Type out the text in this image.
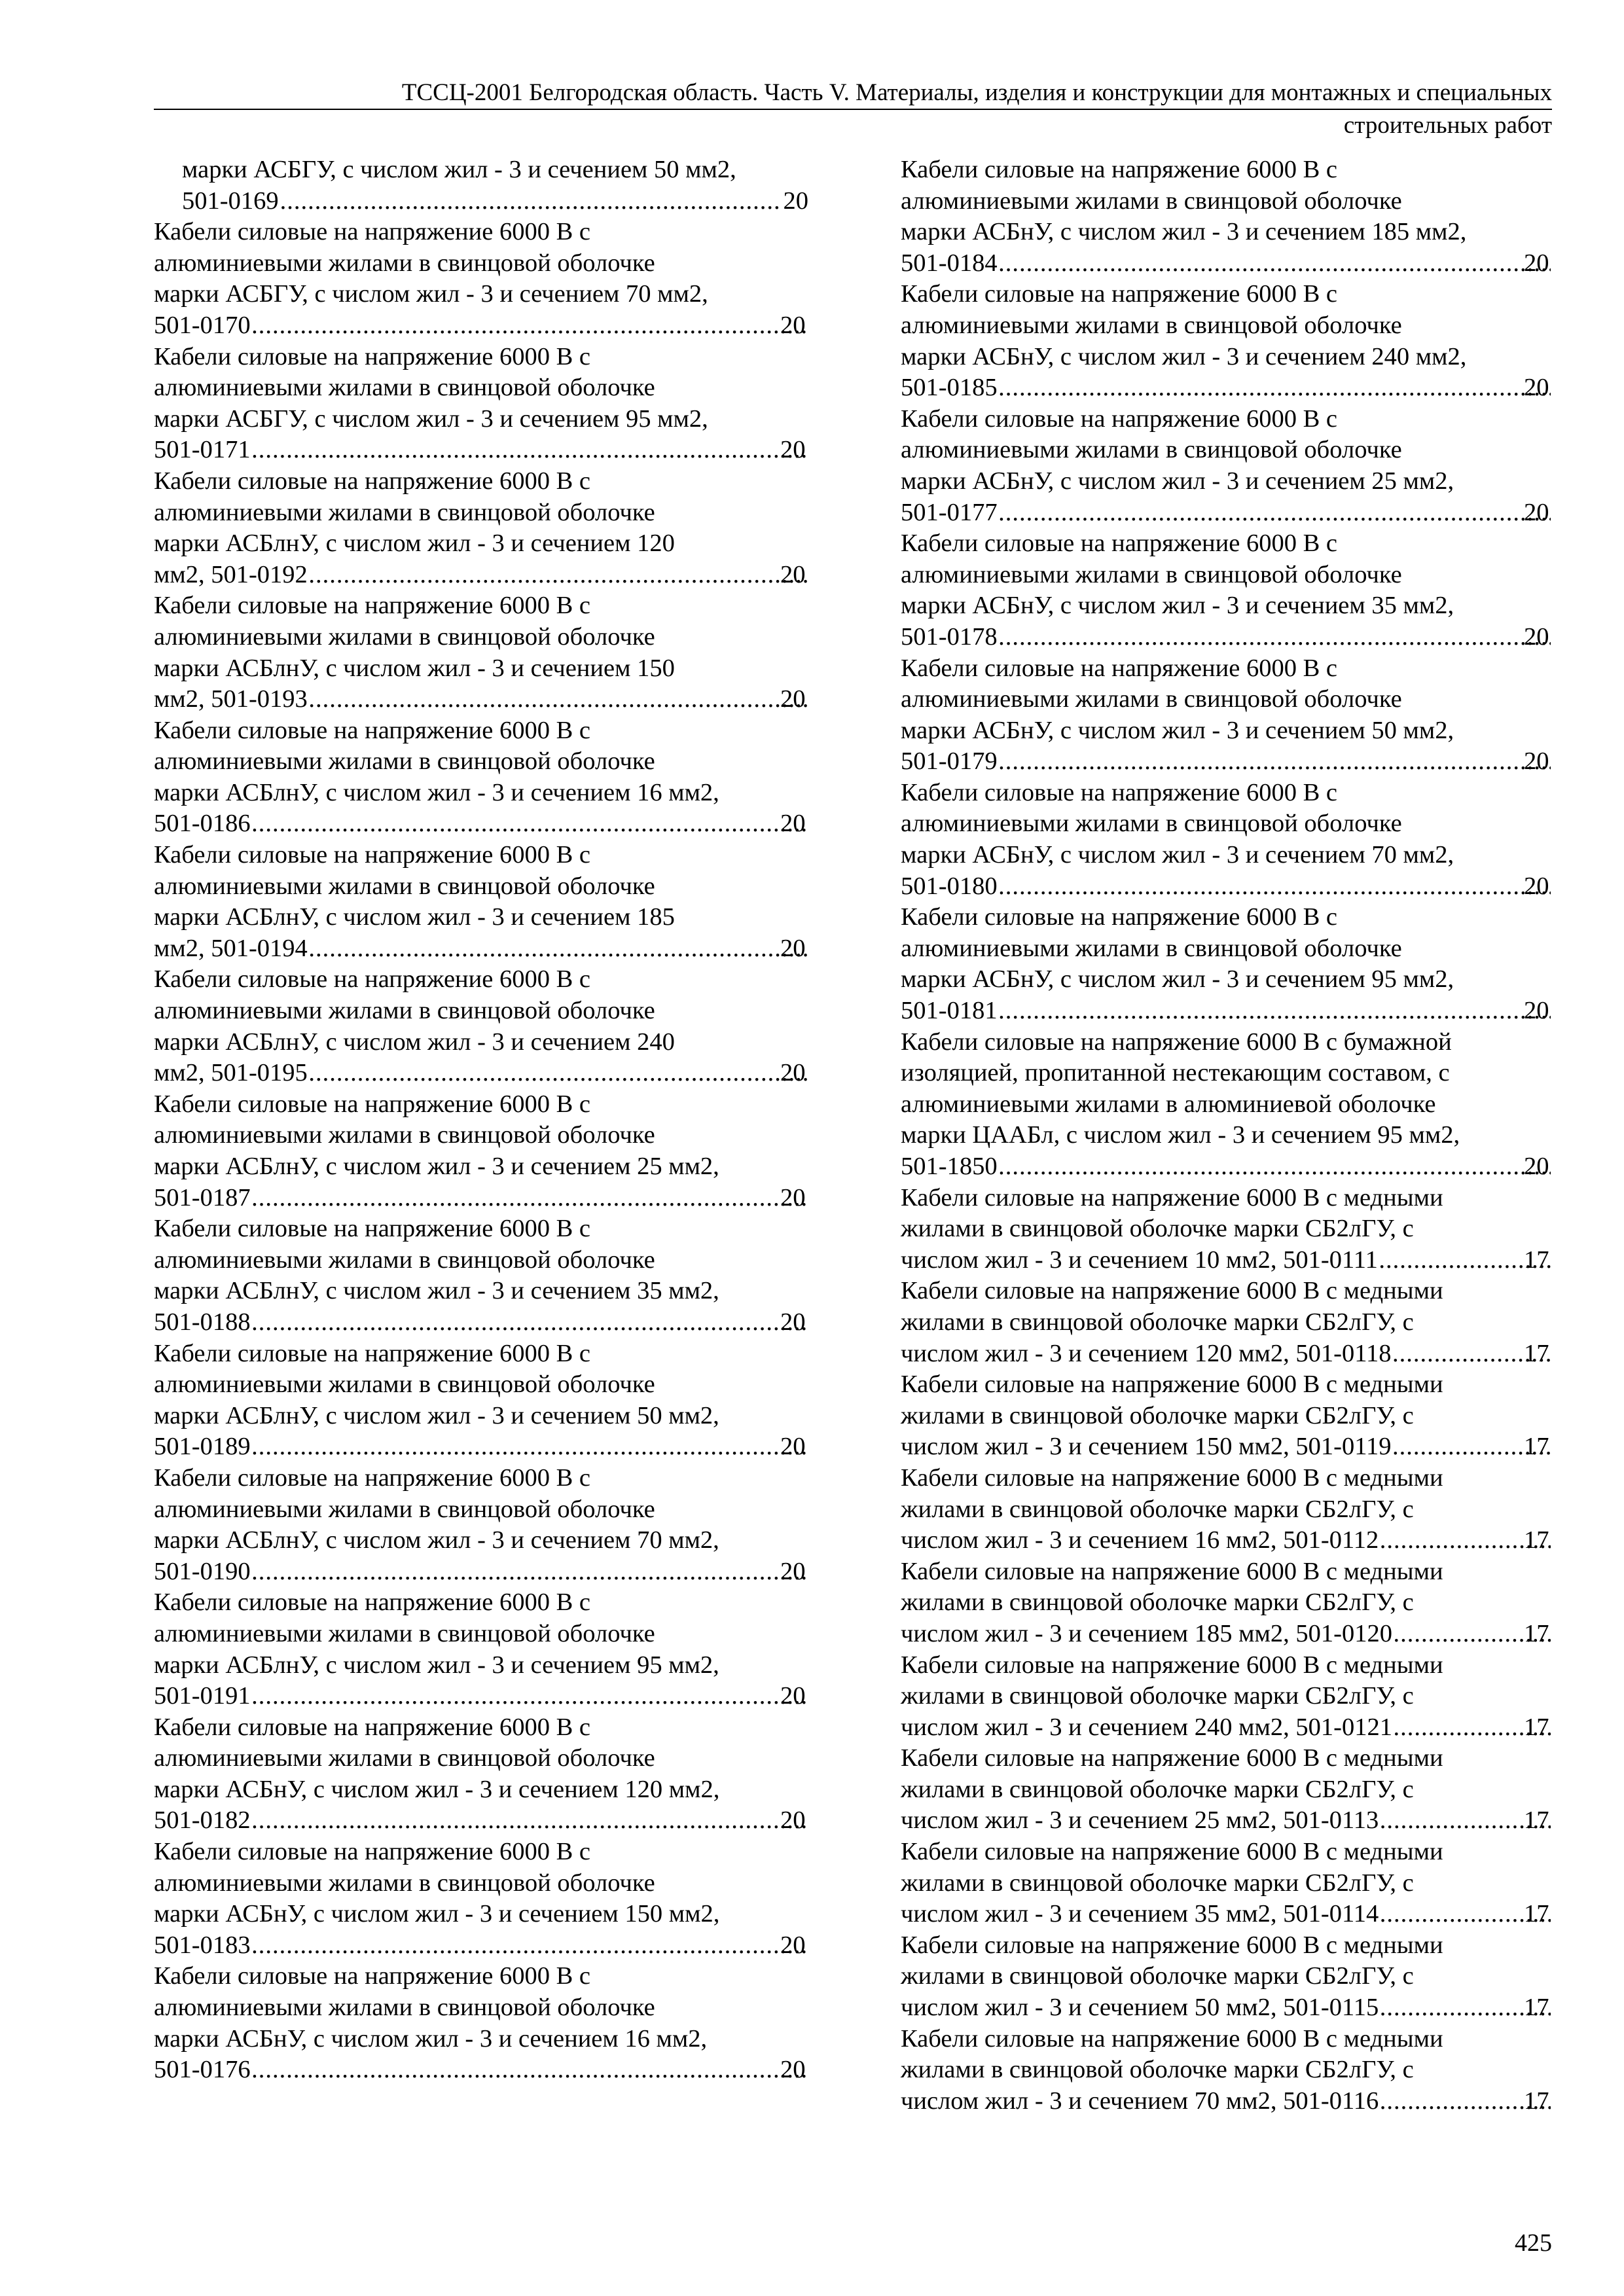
ТССЦ-2001 Белгородская область. Часть V. Материалы, изделия и конструкции для монтажных и специальных
строительных работ
марки АСБГУ, с числом жил - 3 и сечением 50 мм2,
501-0169 .....	20
Кабели силовые на напряжение 6000 В с
алюминиевыми жилами в свинцовой оболочке
марки АСБГУ, с числом жил - 3 и сечением 70 мм2,
501-0170 .....	20
Кабели силовые на напряжение 6000 В с
алюминиевыми жилами в свинцовой оболочке
марки АСБГУ, с числом жил - 3 и сечением 95 мм2,
501-0171 .....	20
Кабели силовые на напряжение 6000 В с
алюминиевыми жилами в свинцовой оболочке
марки АСБлнУ, с числом жил - 3 и сечением 120
мм2, 501-0192 .....	20
Кабели силовые на напряжение 6000 В с
алюминиевыми жилами в свинцовой оболочке
марки АСБлнУ, с числом жил - 3 и сечением 150
мм2, 501-0193 .....	20
Кабели силовые на напряжение 6000 В с
алюминиевыми жилами в свинцовой оболочке
марки АСБлнУ, с числом жил - 3 и сечением 16 мм2,
501-0186 .....	20
Кабели силовые на напряжение 6000 В с
алюминиевыми жилами в свинцовой оболочке
марки АСБлнУ, с числом жил - 3 и сечением 185
мм2, 501-0194 .....	20
Кабели силовые на напряжение 6000 В с
алюминиевыми жилами в свинцовой оболочке
марки АСБлнУ, с числом жил - 3 и сечением 240
мм2, 501-0195 .....	20
Кабели силовые на напряжение 6000 В с
алюминиевыми жилами в свинцовой оболочке
марки АСБлнУ, с числом жил - 3 и сечением 25 мм2,
501-0187 .....	20
Кабели силовые на напряжение 6000 В с
алюминиевыми жилами в свинцовой оболочке
марки АСБлнУ, с числом жил - 3 и сечением 35 мм2,
501-0188 .....	20
Кабели силовые на напряжение 6000 В с
алюминиевыми жилами в свинцовой оболочке
марки АСБлнУ, с числом жил - 3 и сечением 50 мм2,
501-0189 .....	20
Кабели силовые на напряжение 6000 В с
алюминиевыми жилами в свинцовой оболочке
марки АСБлнУ, с числом жил - 3 и сечением 70 мм2,
501-0190 .....	20
Кабели силовые на напряжение 6000 В с
алюминиевыми жилами в свинцовой оболочке
марки АСБлнУ, с числом жил - 3 и сечением 95 мм2,
501-0191 .....	20
Кабели силовые на напряжение 6000 В с
алюминиевыми жилами в свинцовой оболочке
марки АСБнУ, с числом жил - 3 и сечением 120 мм2,
501-0182 .....	20
Кабели силовые на напряжение 6000 В с
алюминиевыми жилами в свинцовой оболочке
марки АСБнУ, с числом жил - 3 и сечением 150 мм2,
501-0183 .....	20
Кабели силовые на напряжение 6000 В с
алюминиевыми жилами в свинцовой оболочке
марки АСБнУ, с числом жил - 3 и сечением 16 мм2,
501-0176 .....	20
Кабели силовые на напряжение 6000 В с
алюминиевыми жилами в свинцовой оболочке
марки АСБнУ, с числом жил - 3 и сечением 185 мм2,
501-0184 .....	20
Кабели силовые на напряжение 6000 В с
алюминиевыми жилами в свинцовой оболочке
марки АСБнУ, с числом жил - 3 и сечением 240 мм2,
501-0185 .....	20
Кабели силовые на напряжение 6000 В с
алюминиевыми жилами в свинцовой оболочке
марки АСБнУ, с числом жил - 3 и сечением 25 мм2,
501-0177 .....	20
Кабели силовые на напряжение 6000 В с
алюминиевыми жилами в свинцовой оболочке
марки АСБнУ, с числом жил - 3 и сечением 35 мм2,
501-0178 .....	20
Кабели силовые на напряжение 6000 В с
алюминиевыми жилами в свинцовой оболочке
марки АСБнУ, с числом жил - 3 и сечением 50 мм2,
501-0179 .....	20
Кабели силовые на напряжение 6000 В с
алюминиевыми жилами в свинцовой оболочке
марки АСБнУ, с числом жил - 3 и сечением 70 мм2,
501-0180 .....	20
Кабели силовые на напряжение 6000 В с
алюминиевыми жилами в свинцовой оболочке
марки АСБнУ, с числом жил - 3 и сечением 95 мм2,
501-0181 .....	20
Кабели силовые на напряжение 6000 В с бумажной
изоляцией, пропитанной нестекающим составом, с
алюминиевыми жилами в алюминиевой оболочке
марки ЦААБл, с числом жил - 3 и сечением 95 мм2,
501-1850 .....	20
Кабели силовые на напряжение 6000 В с медными
жилами в свинцовой оболочке марки СБ2лГУ, с
числом жил - 3 и сечением 10 мм2, 501-0111 .....	17
Кабели силовые на напряжение 6000 В с медными
жилами в свинцовой оболочке марки СБ2лГУ, с
числом жил - 3 и сечением 120 мм2, 501-0118 .....	17
Кабели силовые на напряжение 6000 В с медными
жилами в свинцовой оболочке марки СБ2лГУ, с
числом жил - 3 и сечением 150 мм2, 501-0119 .....	17
Кабели силовые на напряжение 6000 В с медными
жилами в свинцовой оболочке марки СБ2лГУ, с
числом жил - 3 и сечением 16 мм2, 501-0112 .....	17
Кабели силовые на напряжение 6000 В с медными
жилами в свинцовой оболочке марки СБ2лГУ, с
числом жил - 3 и сечением 185 мм2, 501-0120 .....	17
Кабели силовые на напряжение 6000 В с медными
жилами в свинцовой оболочке марки СБ2лГУ, с
числом жил - 3 и сечением 240 мм2, 501-0121 .....	17
Кабели силовые на напряжение 6000 В с медными
жилами в свинцовой оболочке марки СБ2лГУ, с
числом жил - 3 и сечением 25 мм2, 501-0113 .....	17
Кабели силовые на напряжение 6000 В с медными
жилами в свинцовой оболочке марки СБ2лГУ, с
числом жил - 3 и сечением 35 мм2, 501-0114 .....	17
Кабели силовые на напряжение 6000 В с медными
жилами в свинцовой оболочке марки СБ2лГУ, с
числом жил - 3 и сечением 50 мм2, 501-0115 .....	17
Кабели силовые на напряжение 6000 В с медными
жилами в свинцовой оболочке марки СБ2лГУ, с
числом жил - 3 и сечением 70 мм2, 501-0116 .....	17
425
